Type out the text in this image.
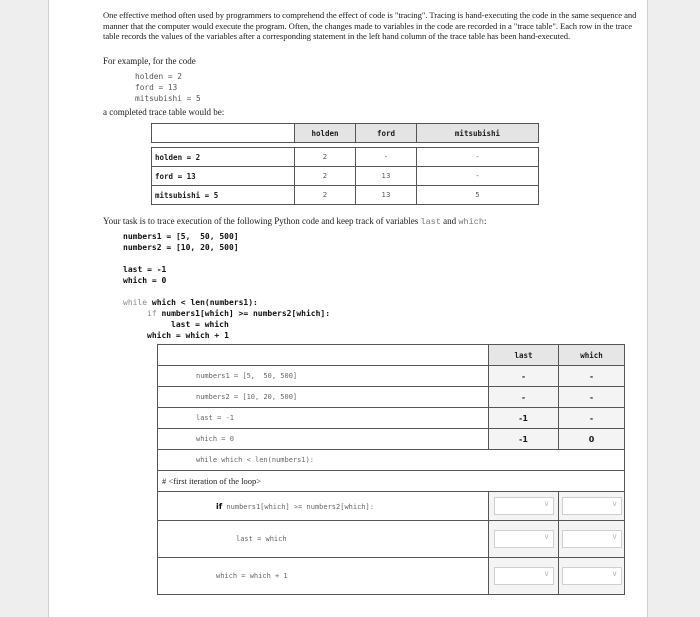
One effective method often used by programmers to comprehend the effect of code is "tracing". Tracing is hand-executing the code in the same sequence and manner that the computer would execute the program. Often, the changes made to variables in the code are recorded in a "trace table". Each row in the trace table records the values of the variables after a corresponding statement in the left hand column of the trace table has been hand-executed.

For example, for the code
holden = 2
ford = 13
mitsubishi = 5
a completed trace table would be:
	holden	ford	mitsubishi

holden = 2	2	-	-
ford = 13	2	13	-
mitsubishi = 5	2	13	5
Your task is to trace execution of the following Python code and keep track of variables last and which:
numbers1 = [5,  50, 500]
numbers2 = [10, 20, 500]
last = -1
which = 0
while which < len(numbers1):
if numbers1[which] >= numbers2[which]:
last = which
which = which + 1
	last	which
numbers1 = [5,  50, 500]	-	-
numbers2 = [10, 20, 500]	-	-
last = -1	-1	-
which = 0	-1	0
while which < len(numbers1):		
# <first iteration of the loop>		
if numbers1[which] >= numbers2[which]:	∨	∨
last = which	∨	∨
which = which + 1	∨	∨
